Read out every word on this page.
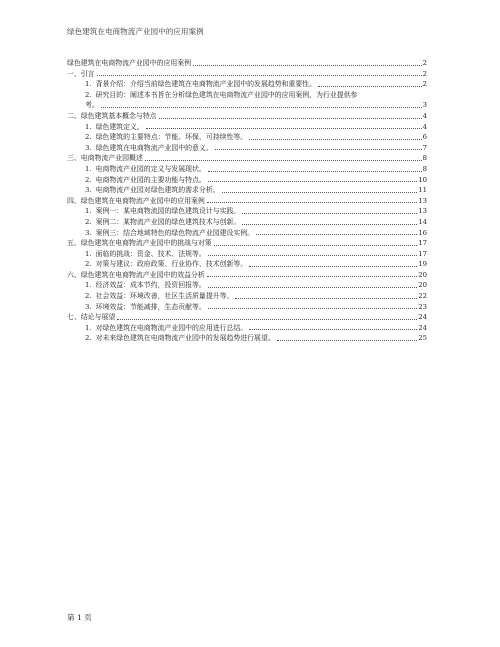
绿色建筑在电商物流产业园中的应用案例
绿色建筑在电商物流产业园中的应用案例	2
一、引言	2
1. 背景介绍：介绍当前绿色建筑在电商物流产业园中的发展趋势和重要性。	2
2. 研究目的：阐述本书旨在分析绿色建筑在电商物流产业园中的应用案例，为行业提供参
考。	3
二、绿色建筑基本概念与特点	4
1. 绿色建筑定义。	4
2. 绿色建筑的主要特点：节能、环保、可持续性等。	6
3. 绿色建筑在电商物流产业园中的意义。	7
三、电商物流产业园概述	8
1. 电商物流产业园的定义与发展现状。	8
2. 电商物流产业园的主要功能与特点。	10
3. 电商物流产业园对绿色建筑的需求分析。	11
四、绿色建筑在电商物流产业园中的应用案例	13
1. 案例一：某电商物流园的绿色建筑设计与实践。	13
2. 案例二：某物流产业园的绿色建筑技术与创新。	14
3. 案例三：结合地域特色的绿色物流产业园建设实例。	16
五、绿色建筑在电商物流产业园中的挑战与对策	17
1. 面临的挑战：资金、技术、法规等。	17
2. 对策与建议：政府政策、行业协作、技术创新等。	19
六、绿色建筑在电商物流产业园中的效益分析	20
1. 经济效益：成本节约，投资回报等。	20
2. 社会效益：环境改善，社区生活质量提升等。	22
3. 环境效益：节能减排，生态贡献等。	23
七、结论与展望	24
1. 对绿色建筑在电商物流产业园中的应用进行总结。	24
2. 对未来绿色建筑在电商物流产业园中的发展趋势进行展望。	25
第 1 页
